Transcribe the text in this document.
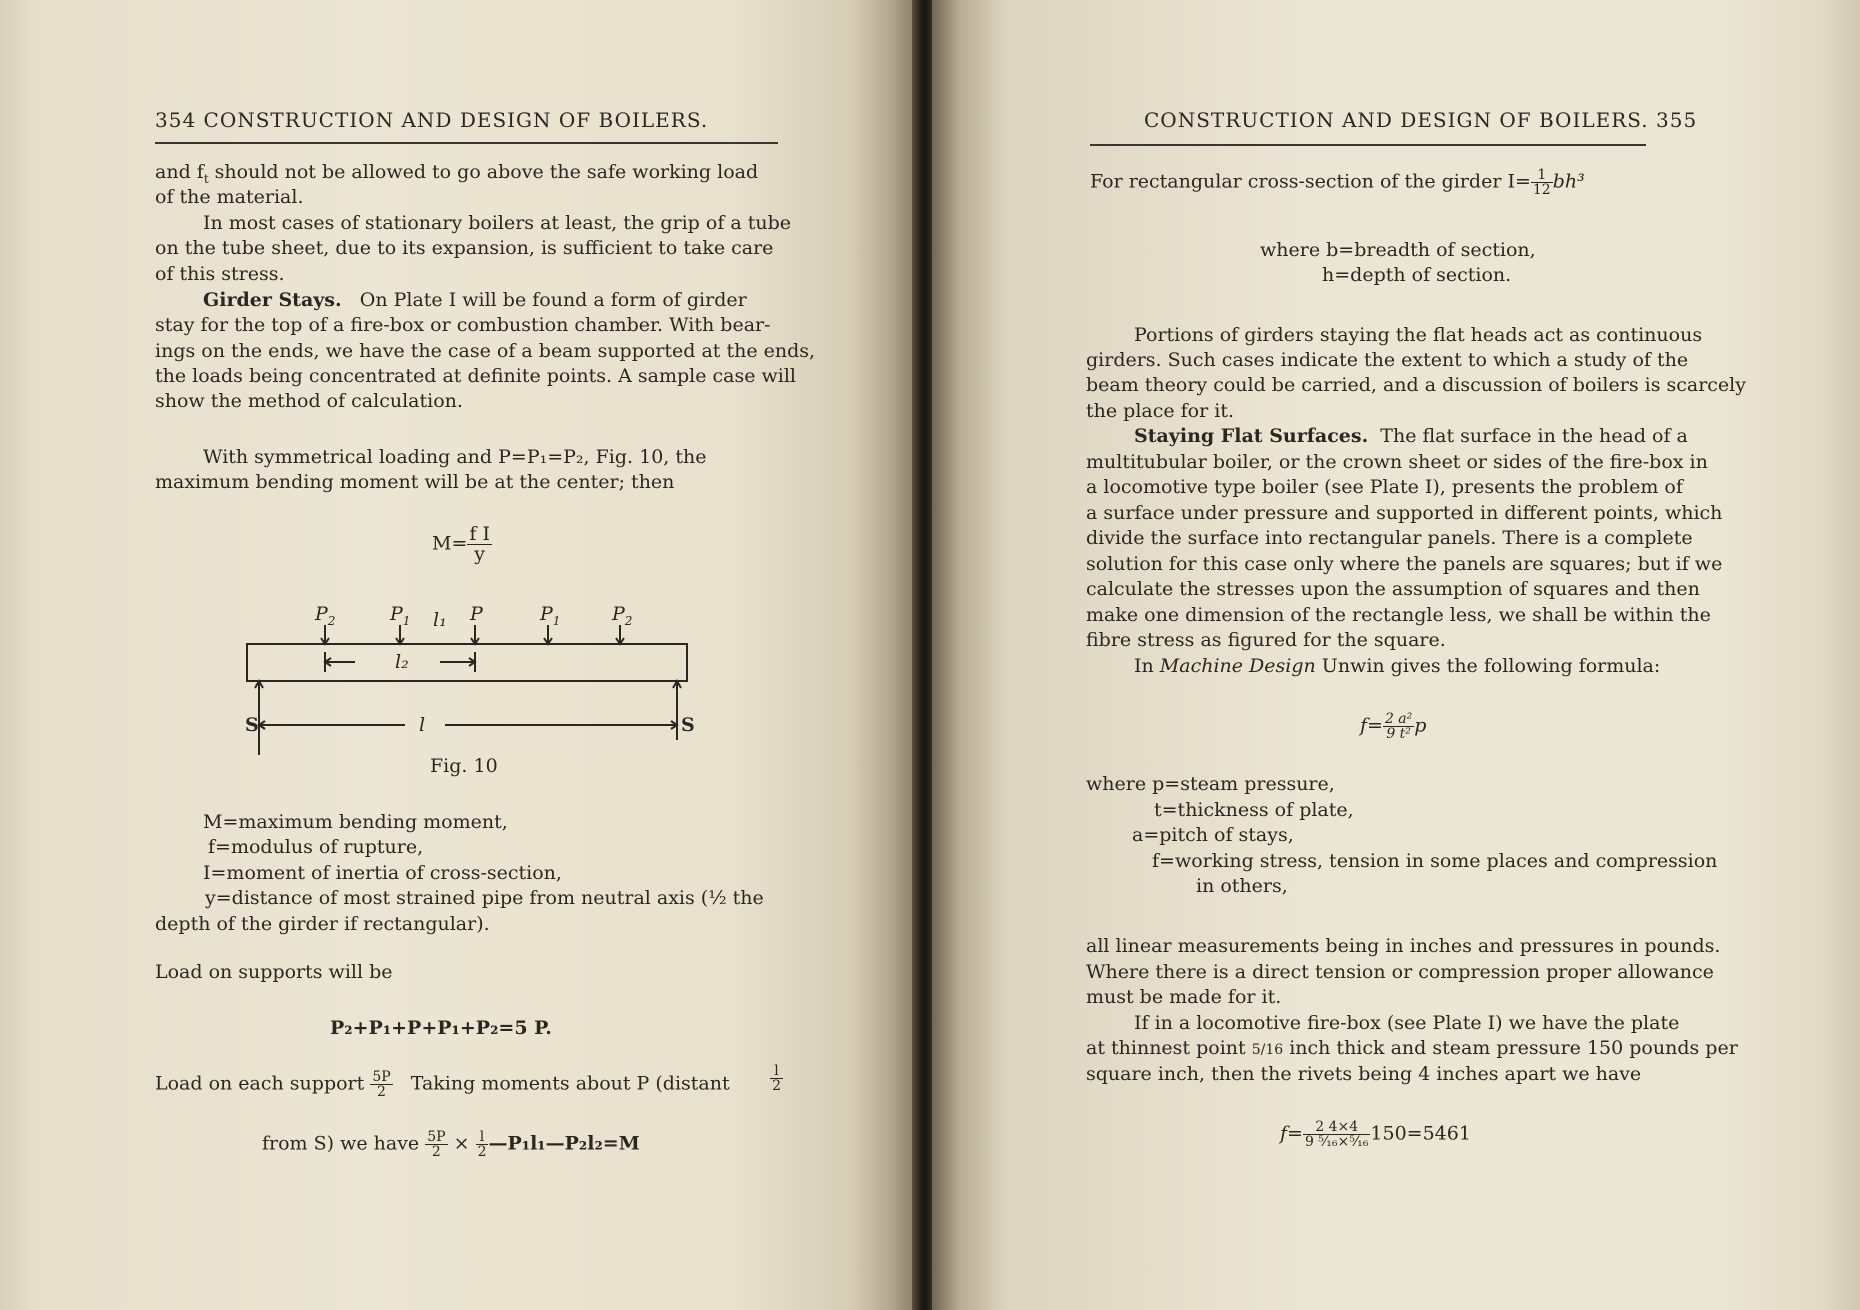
354 CONSTRUCTION AND DESIGN OF BOILERS.
and $f_t$ should not be allowed to go above the safe working load
of the material.
In most cases of stationary boilers at least, the grip of a tube
on the tube sheet, due to its expansion, is sufficient to take care
of this stress.
Girder Stays. On Plate I will be found a form of girder
stay for the top of a fire-box or combustion chamber. With bear-
ings on the ends, we have the case of a beam supported at the ends,
the loads being concentrated at definite points. A sample case will
show the method of calculation.
With symmetrical loading and P=P₁=P₂, Fig. 10, the
maximum bending moment will be at the center; then
$M= \frac{\text{f I}}{y}$
$P_2$	$P_1$ l₁ P	$P_1$	$P_2$
l₂
l
S	S
Fig. 10
M=maximum bending moment,
f=modulus of rupture,
I=moment of inertia of cross-section,
y=distance of most strained pipe from neutral axis (½ the
depth of the girder if rectangular).
Load on supports will be
P₂+P₁+P+P₁+P₂=5 P.
Load on each support $\frac{5P}{2}$ Taking moments about P (distant	$\frac{l}{2}$
from S) we have $\frac{5P}{2} \times \frac{l}{2}$ —P₁l₁—P₂l₂=M
CONSTRUCTION AND DESIGN OF BOILERS. 355
For rectangular cross-section of the girder $I= \frac{1}{12} bh^3$
where b=breadth of section,
h=depth of section.
Portions of girders staying the flat heads act as continuous
girders. Such cases indicate the extent to which a study of the
beam theory could be carried, and a discussion of boilers is scarcely
the place for it.
Staying Flat Surfaces. The flat surface in the head of a
multitubular boiler, or the crown sheet or sides of the fire-box in
a locomotive type boiler (see Plate I), presents the problem of
a surface under pressure and supported in different points, which
divide the surface into rectangular panels. There is a complete
solution for this case only where the panels are squares; but if we
calculate the stresses upon the assumption of squares and then
make one dimension of the rectangle less, we shall be within the
fibre stress as figured for the square.
In Machine Design Unwin gives the following formula:
$f= \frac{\text{2 a²}}{\text{9 t²}}$ p
where p=steam pressure,
t=thickness of plate,
a=pitch of stays,
f=working stress, tension in some places and compression
in others,
all linear measurements being in inches and pressures in pounds.
Where there is a direct tension or compression proper allowance
must be made for it.
If in a locomotive fire-box (see Plate I) we have the plate
at thinnest point 5/16 inch thick and steam pressure 150 pounds per
square inch, then the rivets being 4 inches apart we have
$f= \frac{2 4\times 4}{\text{9 ⁵⁄₁₆×⁵⁄₁₆}} 150=5461$
